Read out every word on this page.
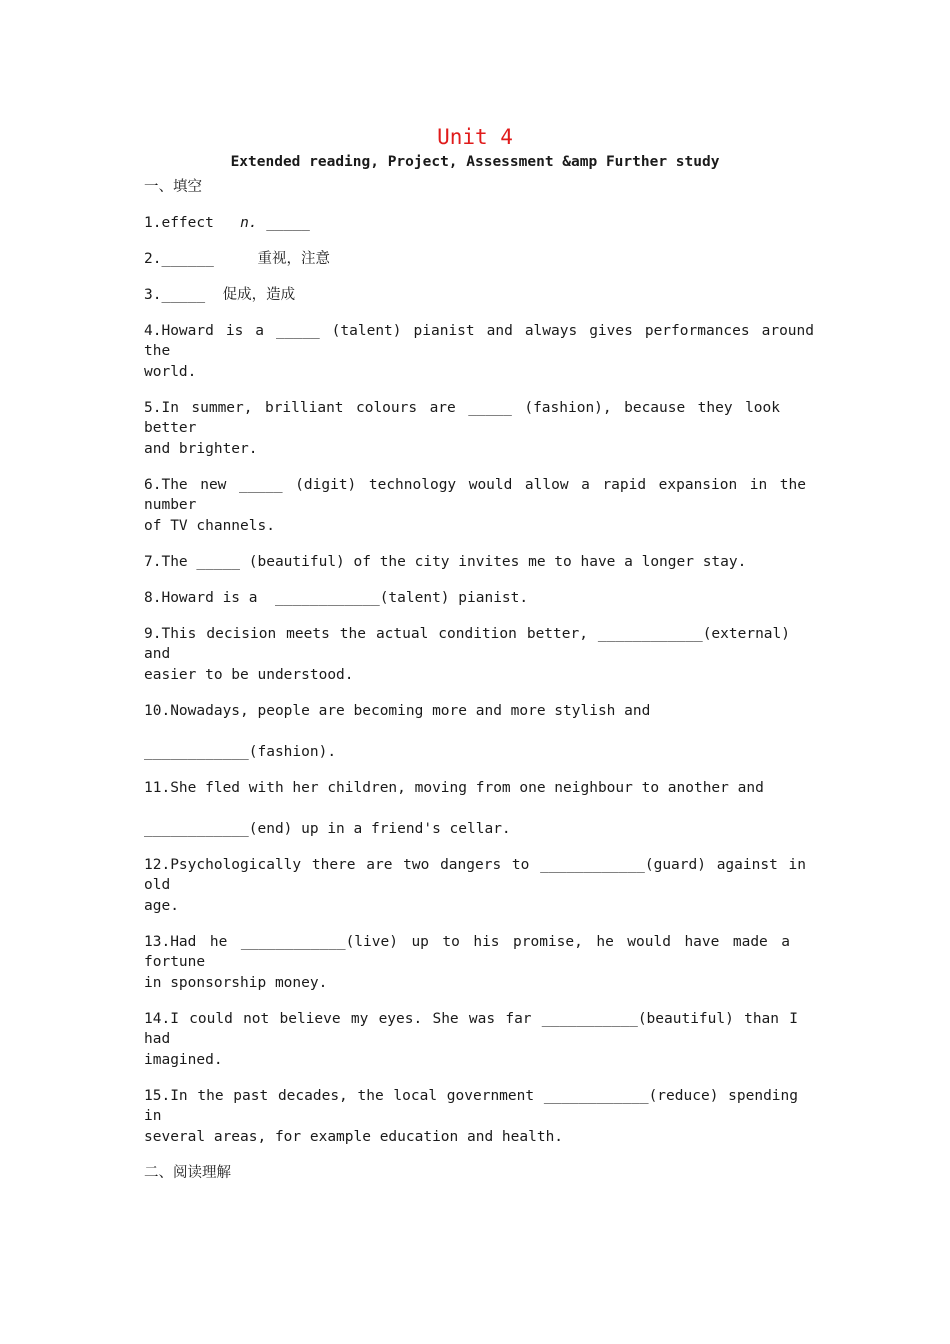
Unit 4
Extended reading, Project, Assessment &amp Further study
一、填空
1.effect n. _____
2.______     重视，注意
3._____  促成，造成
4.Howard is a _____ (talent) pianist and always gives performances around the
world.
5.In summer, brilliant colours are _____ (fashion), because they look better
and brighter.
6.The new _____ (digit) technology would allow a rapid expansion in the number
of TV channels.
7.The _____ (beautiful) of the city invites me to have a longer stay.
8.Howard is a  ____________(talent) pianist.
9.This decision meets the actual condition better, ____________(external) and
easier to be understood.
10.Nowadays, people are becoming more and more stylish and
____________(fashion).
11.She fled with her children, moving from one neighbour to another and
____________(end) up in a friend's cellar.
12.Psychologically there are two dangers to ____________(guard) against in old
age.
13.Had he ____________(live) up to his promise, he would have made a fortune
in sponsorship money.
14.I could not believe my eyes. She was far ___________(beautiful) than I had
imagined.
15.In the past decades, the local government ____________(reduce) spending in
several areas, for example education and health.
二、阅读理解
